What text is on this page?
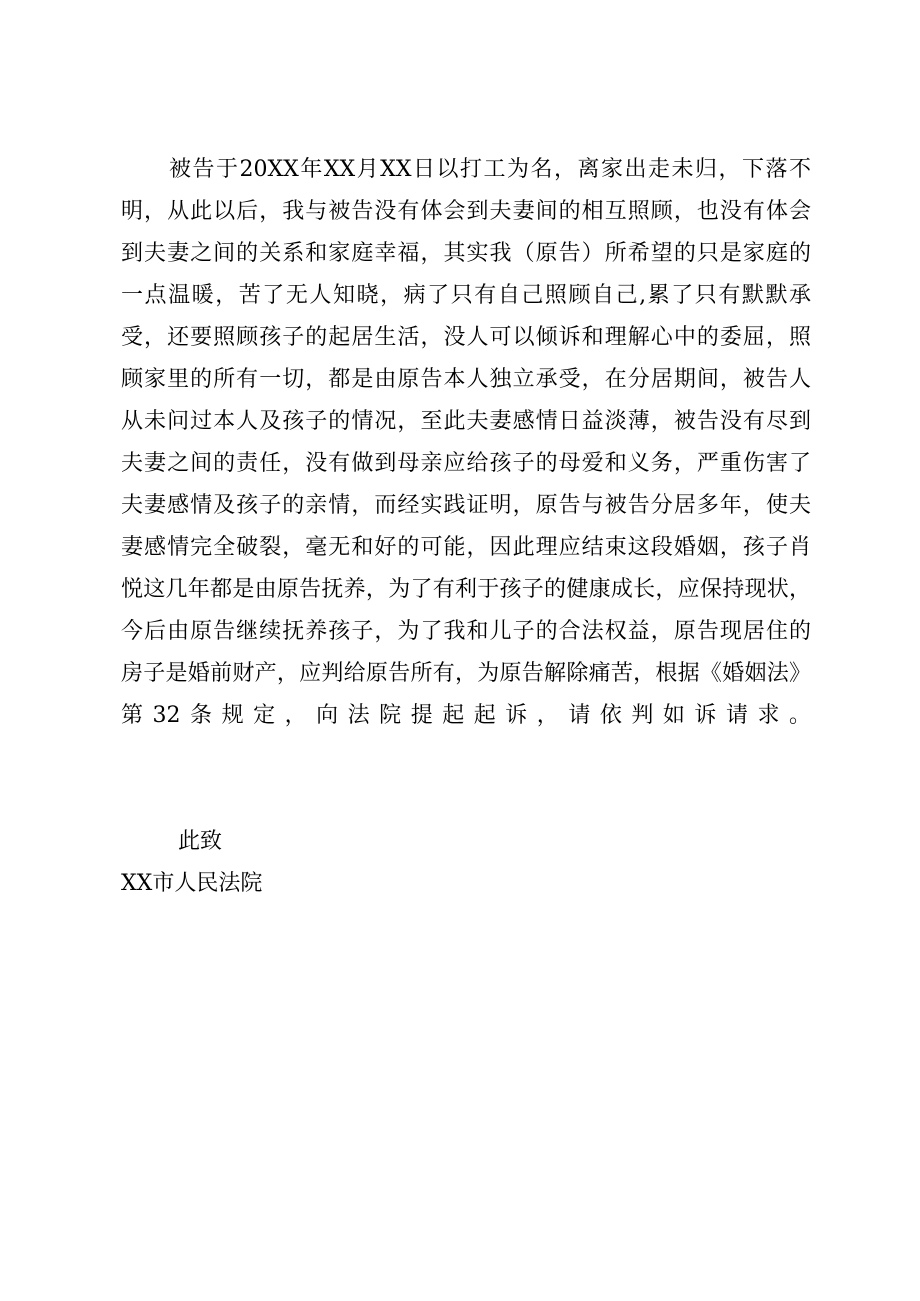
被告于20XX年XX月XX日以打工为名，离家出走未归，下落不
明，从此以后，我与被告没有体会到夫妻间的相互照顾，也没有体会
到夫妻之间的关系和家庭幸福，其实我（原告）所希望的只是家庭的
一点温暖，苦了无人知晓，病了只有自己照顾自己,累了只有默默承
受，还要照顾孩子的起居生活，没人可以倾诉和理解心中的委屈，照
顾家里的所有一切，都是由原告本人独立承受，在分居期间，被告人
从未问过本人及孩子的情况，至此夫妻感情日益淡薄，被告没有尽到
夫妻之间的责任，没有做到母亲应给孩子的母爱和义务，严重伤害了
夫妻感情及孩子的亲情，而经实践证明，原告与被告分居多年，使夫
妻感情完全破裂，毫无和好的可能，因此理应结束这段婚姻，孩子肖
悦这几年都是由原告抚养，为了有利于孩子的健康成长，应保持现状，
今后由原告继续抚养孩子，为了我和儿子的合法权益，原告现居住的
房子是婚前财产，应判给原告所有，为原告解除痛苦，根据《婚姻法》
第32条规定，向法院提起起诉，请依判如诉请求。
此致
XX市人民法院
